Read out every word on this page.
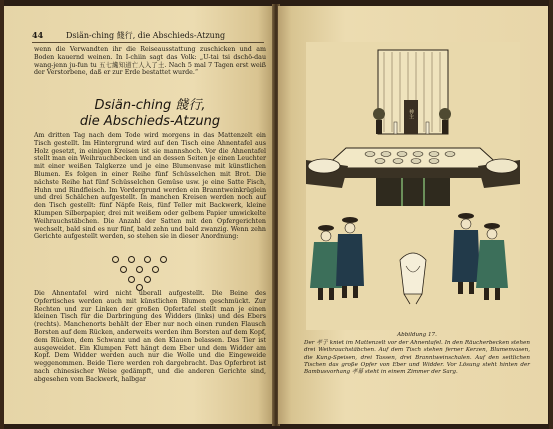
44	Dsiän-ching 餞行, die Abschieds-Atzung

wenn die Verwandten ihr die Reiseausstattung zuschicken und am Boden kauernd weinen. In I-chiin sagt das Volk: „U-tai tsi dschö-dau wang-jenn ju-fun tu 五七纔知道亡人入了土. Nach 5 mal 7 Tagen erst weiß der Verstorbene, daß er zur Erde bestattet wurde.“

Dsiän-ching 餞行,
die Abschieds-Atzung

Am dritten Tag nach dem Tode wird morgens in das Mattenzelt ein Tisch gestellt. Im Hintergrund wird auf den Tisch eine Ahnentafel aus Holz gesetzt, in einigen Kreisen ist sie mannshoch. Vor die Ahnentafel stellt man ein Weihrauchbecken und an dessen Seiten je einen Leuchter mit einer weißen Talgkerze und je eine Blumenvase mit künstlichen Blumen. Es folgen in einer Reihe fünf Schüsselchen mit Brot. Die nächste Reihe hat fünf Schüsselchen Gemüse usw. je eine Satte Fisch, Huhn und Rindfleisch. Im Vordergrund werden ein Branntweinkrüglein und drei Schälchen aufgestellt. In manchen Kreisen werden noch auf den Tisch gestellt: fünf Näpfe Reis, fünf Teller mit Backwerk, kleine Klumpen Silberpapier, drei mit weißem oder gelbem Papier umwickelte Weihrauchstäbchen. Die Anzahl der Satten mit den Opfergerichten wechselt, bald sind es nur fünf, bald zehn und bald zwanzig. Wenn zehn Gerichte aufgestellt werden, so stehen sie in dieser Anordnung:

Die Ahnentafel wird nicht überall aufgestellt. Die Beine des Opfertisches werden auch mit künstlichen Blumen geschmückt. Zur Rechten und zur Linken der großen Opfertafel stellt man je einen kleinen Tisch für die Darbringung des Widders (links) und des Ebers (rechts). Manchenorts behält der Eber nur noch einen runden Flausch Borsten auf dem Rücken, anderweits werden ihm Borsten auf dem Kopf, dem Rücken, dem Schwanz und an den Klauen belassen. Das Tier ist ausgeweidet. Ein Klumpen Fett hängt dem Eber und dem Widder am Kopf. Dem Widder werden auch nur die Wolle und die Eingeweide weggenommen. Beide Tiere werden roh dargebracht. Das Opferbrot ist nach chinesischer Weise gedämpft, und die anderen Gerichte sind, abgesehen vom Backwerk, halbgar

神主

Abbildung 17.
Der 孝子 kniet im Mattenzelt vor der Ahnentafel. In den Räucherbecken stehen drei Weihrauchstäbchen. Auf dem Tisch stehen ferner Kerzen, Blumenvasen, die Kung-Speisen, drei Tassen, drei Branntweinschalen. Auf den seitlichen Tischen das große Opfer von Eber und Widder. Vor Lösung steht hinten der Bambusvorhang 孝幕 steht in einem Zimmer der Sarg.
